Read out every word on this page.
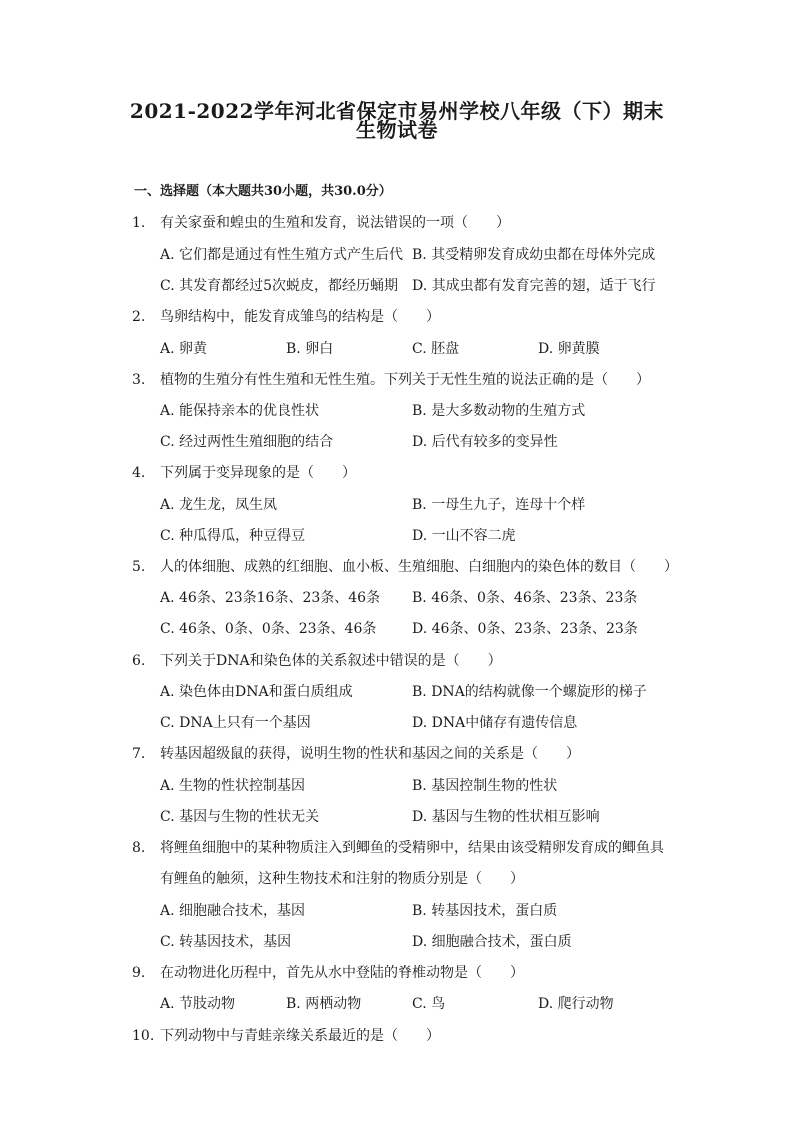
2021-2022学年河北省保定市易州学校八年级（下）期末
生物试卷
一、选择题（本大题共30小题，共30.0分）
1. 有关家蚕和蝗虫的生殖和发育，说法错误的一项（　　）
A. 它们都是通过有性生殖方式产生后代 B. 其受精卵发育成幼虫都在母体外完成
C. 其发育都经过5次蜕皮，都经历蛹期 D. 其成虫都有发育完善的翅，适于飞行
2. 鸟卵结构中，能发育成雏鸟的结构是（　　）
A. 卵黄	B. 卵白	C. 胚盘	D. 卵黄膜
3. 植物的生殖分有性生殖和无性生殖。下列关于无性生殖的说法正确的是（　　）
A. 能保持亲本的优良性状	B. 是大多数动物的生殖方式
C. 经过两性生殖细胞的结合	D. 后代有较多的变异性
4. 下列属于变异现象的是（　　）
A. 龙生龙，凤生凤	B. 一母生九子，连母十个样
C. 种瓜得瓜，种豆得豆	D. 一山不容二虎
5. 人的体细胞、成熟的红细胞、血小板、生殖细胞、白细胞内的染色体的数目（　　）
A. 46条、23条16条、23条、46条 B. 46条、0条、46条、23条、23条
C. 46条、0条、0条、23条、46条	D. 46条、0条、23条、23条、23条
6. 下列关于DNA和染色体的关系叙述中错误的是（　　）
A. 染色体由DNA和蛋白质组成	B. DNA的结构就像一个螺旋形的梯子
C. DNA上只有一个基因	D. DNA中储存有遗传信息
7. 转基因超级鼠的获得，说明生物的性状和基因之间的关系是（　　）
A. 生物的性状控制基因	B. 基因控制生物的性状
C. 基因与生物的性状无关	D. 基因与生物的性状相互影响
8. 将鲤鱼细胞中的某种物质注入到鲫鱼的受精卵中，结果由该受精卵发育成的鲫鱼具
有鲤鱼的触须，这种生物技术和注射的物质分别是（　　）
A. 细胞融合技术，基因	B. 转基因技术，蛋白质
C. 转基因技术，基因	D. 细胞融合技术，蛋白质
9. 在动物进化历程中，首先从水中登陆的脊椎动物是（　　）
A. 节肢动物	B. 两栖动物	C. 鸟	D. 爬行动物
10. 下列动物中与青蛙亲缘关系最近的是（　　）
